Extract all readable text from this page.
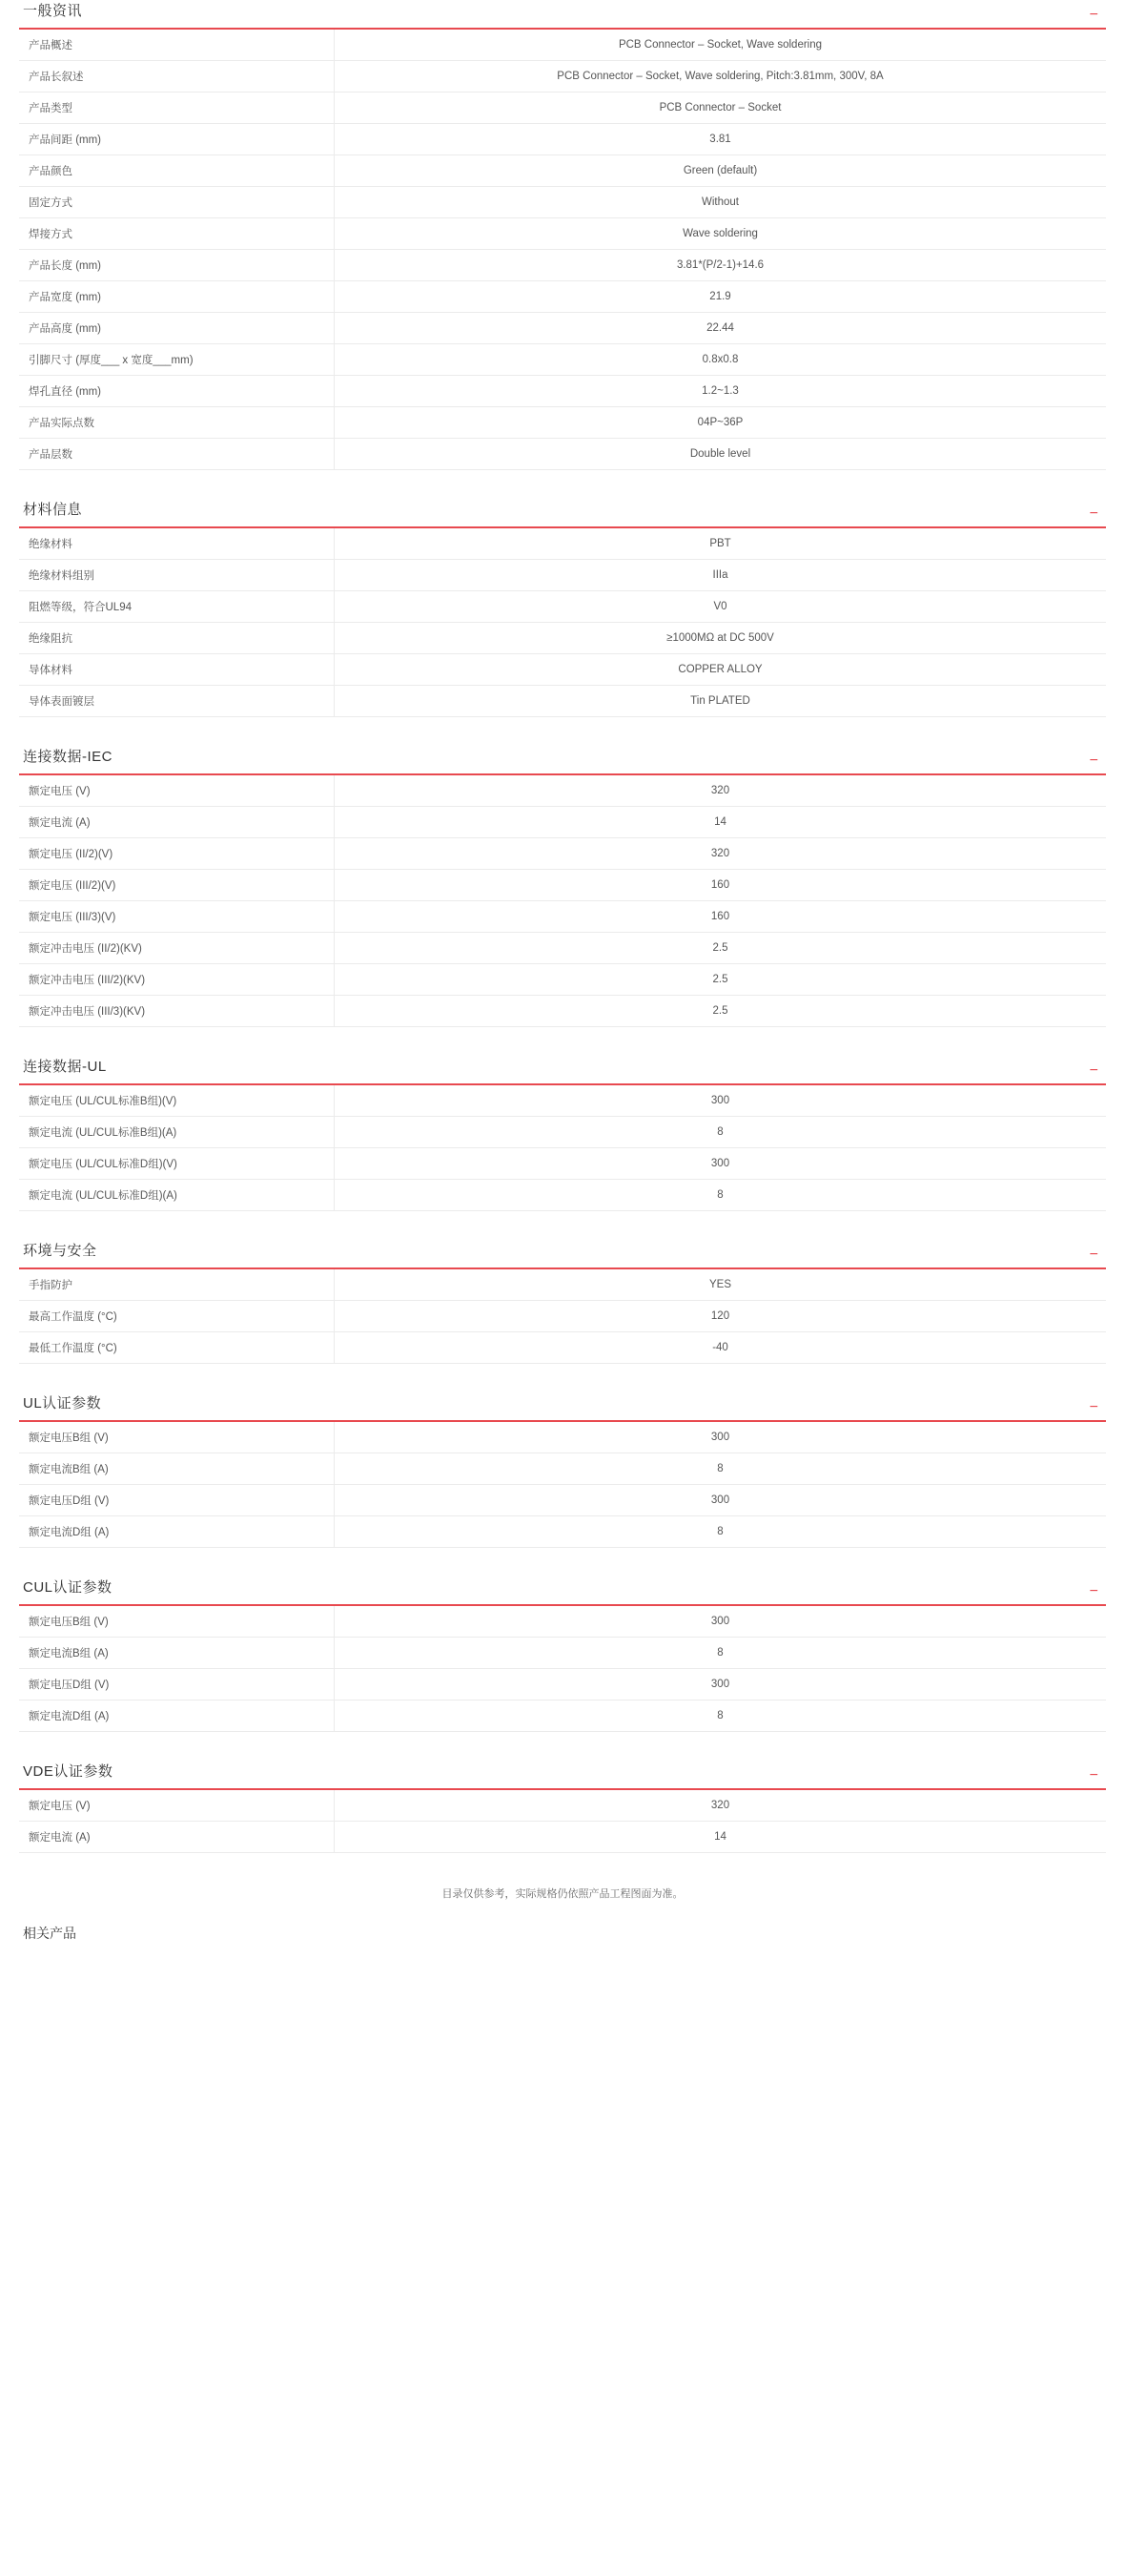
一般资讯	−
产品概述	PCB Connector – Socket, Wave soldering
产品长叙述	PCB Connector – Socket, Wave soldering, Pitch:3.81mm, 300V, 8A
产品类型	PCB Connector – Socket
产品间距 (mm)	3.81
产品颜色	Green (default)
固定方式	Without
焊接方式	Wave soldering
产品长度 (mm)	3.81*(P/2-1)+14.6
产品宽度 (mm)	21.9
产品高度 (mm)	22.44
引脚尺寸 (厚度___ x 宽度___mm)	0.8x0.8
焊孔直径 (mm)	1.2~1.3
产品实际点数	04P~36P
产品层数	Double level
材料信息	−
绝缘材料	PBT
绝缘材料组别	IIIa
阻燃等级，符合UL94	V0
绝缘阻抗	≥1000MΩ at DC 500V
导体材料	COPPER ALLOY
导体表面镀层	Tin PLATED
连接数据-IEC	−
额定电压 (V)	320
额定电流 (A)	14
额定电压 (II/2)(V)	320
额定电压 (III/2)(V)	160
额定电压 (III/3)(V)	160
额定冲击电压 (II/2)(KV)	2.5
额定冲击电压 (III/2)(KV)	2.5
额定冲击电压 (III/3)(KV)	2.5
连接数据-UL	−
额定电压 (UL/CUL标准B组)(V)	300
额定电流 (UL/CUL标准B组)(A)	8
额定电压 (UL/CUL标准D组)(V)	300
额定电流 (UL/CUL标准D组)(A)	8
环境与安全	−
手指防护	YES
最高工作温度 (°C)	120
最低工作温度 (°C)	-40
UL认证参数	−
额定电压B组 (V)	300
额定电流B组 (A)	8
额定电压D组 (V)	300
额定电流D组 (A)	8
CUL认证参数	−
额定电压B组 (V)	300
额定电流B组 (A)	8
额定电压D组 (V)	300
额定电流D组 (A)	8
VDE认证参数	−
额定电压 (V)	320
额定电流 (A)	14
目录仅供参考，实际规格仍依照产品工程图面为准。
相关产品
